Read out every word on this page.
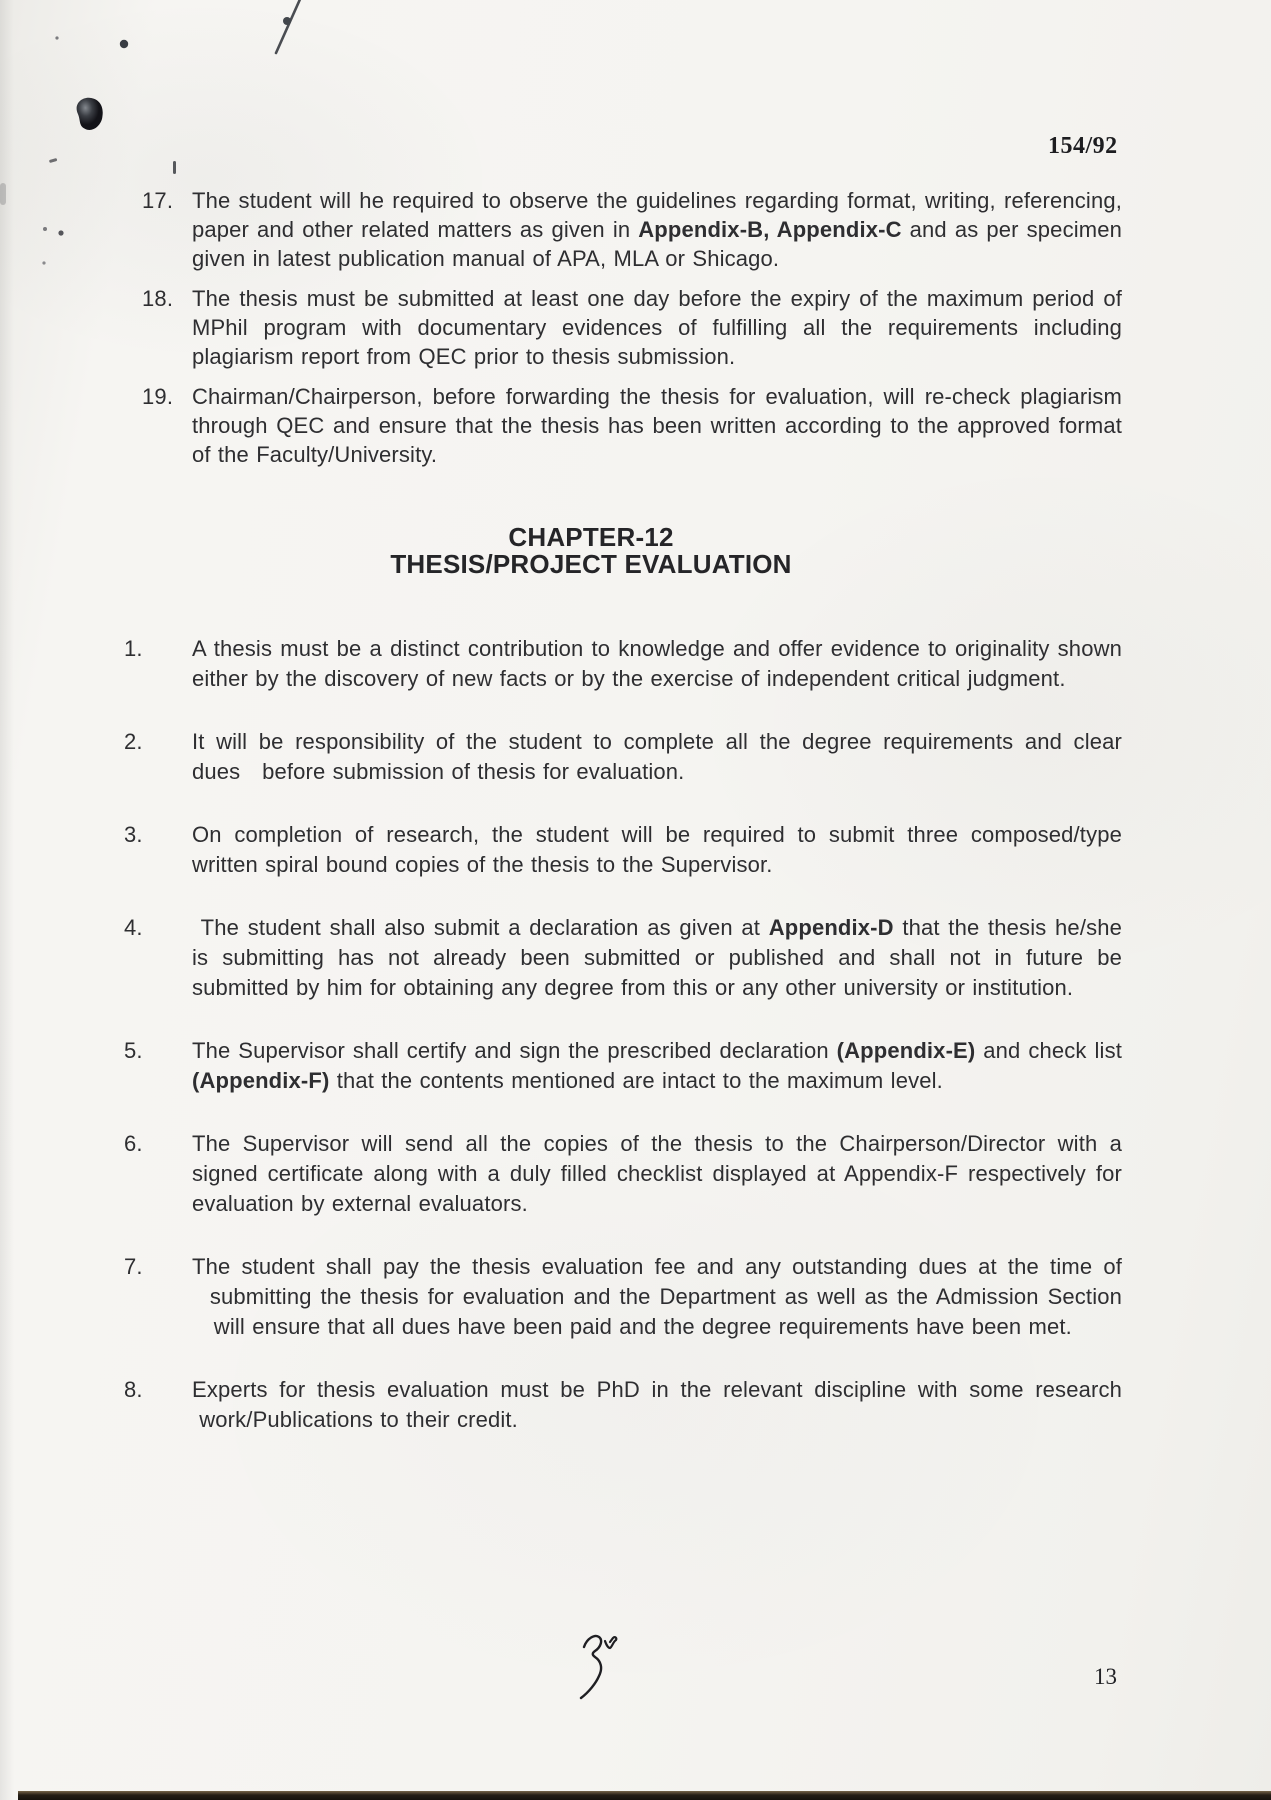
154/92
17. The student will he required to observe the guidelines regarding format, writing, referencing, paper and other related matters as given in Appendix-B, Appendix-C and as per specimen given in latest publication manual of APA, MLA or Shicago.

18. The thesis must be submitted at least one day before the expiry of the maximum period of MPhil program with documentary evidences of fulfilling all the requirements including plagiarism report from QEC prior to thesis submission.

19. Chairman/Chairperson, before forwarding the thesis for evaluation, will re-check plagiarism through QEC and ensure that the thesis has been written according to the approved format of the Faculty/University.

CHAPTER-12
THESIS/PROJECT EVALUATION
1.	A thesis must be a distinct contribution to knowledge and offer evidence to originality shown either by the discovery of new facts or by the exercise of independent critical judgment.

2.	It will be responsibility of the student to complete all the degree requirements and clear dues   before submission of thesis for evaluation.

3.	On completion of research, the student will be required to submit three composed/type written spiral bound copies of the thesis to the Supervisor.

4.	The student shall also submit a declaration as given at Appendix-D that the thesis he/she is submitting has not already been submitted or published and shall not in future be submitted by him for obtaining any degree from this or any other university or institution.

5.	The Supervisor shall certify and sign the prescribed declaration (Appendix-E) and check list (Appendix-F) that the contents mentioned are intact to the maximum level.

6.	The Supervisor will send all the copies of the thesis to the Chairperson/Director with a signed certificate along with a duly filled checklist displayed at Appendix-F respectively for evaluation by external evaluators.

7.	The student shall pay the thesis evaluation fee and any outstanding dues at the time of   submitting the thesis for evaluation and the Department as well as the Admission Section    will ensure that all dues have been paid and the degree requirements have been met.

8.	Experts for thesis evaluation must be PhD in the relevant discipline with some research  work/Publications to their credit.

13
